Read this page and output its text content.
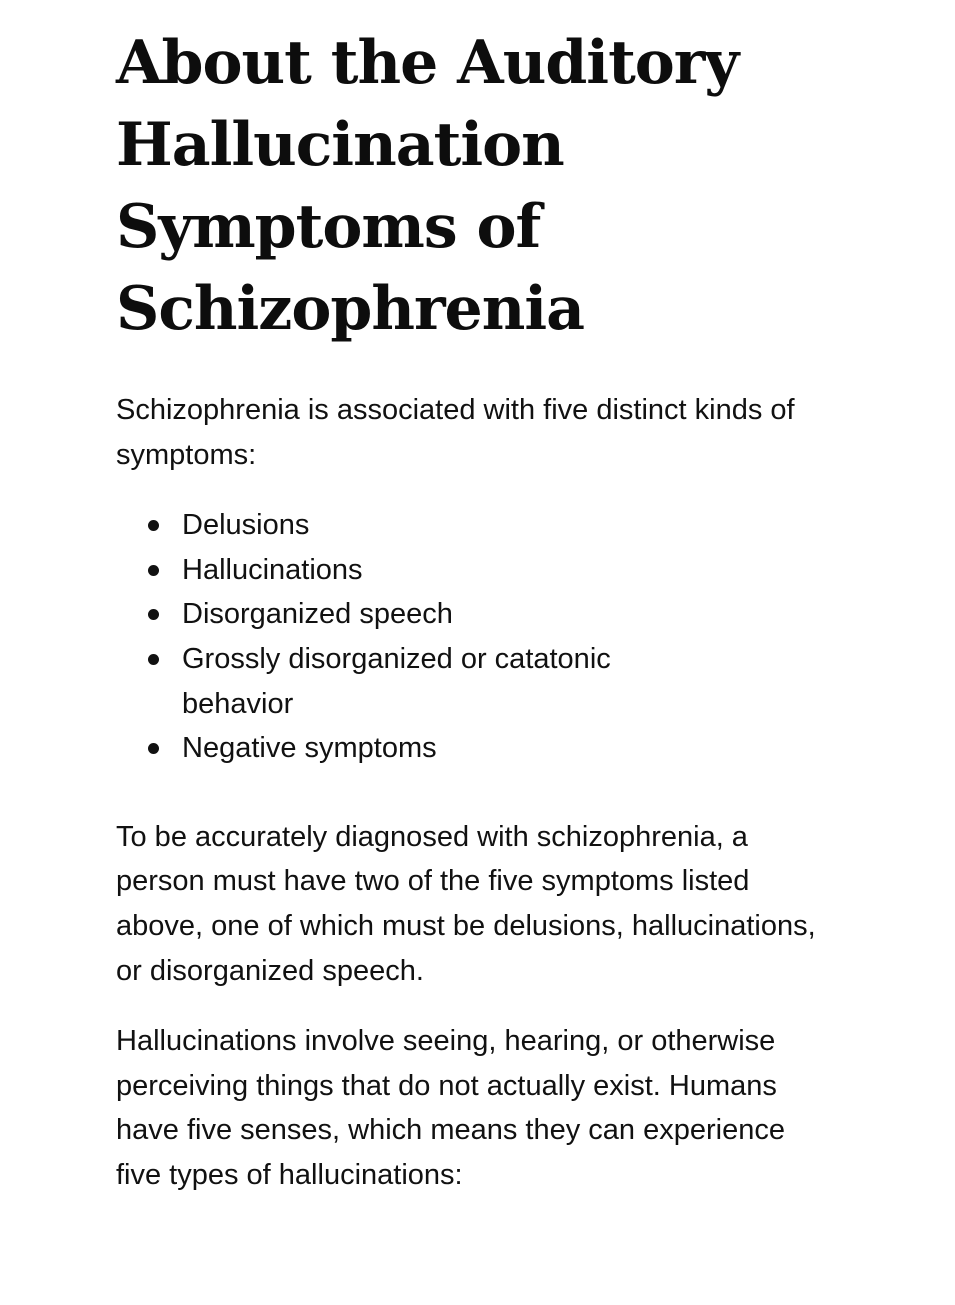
About the Auditory Hallucination Symptoms of Schizophrenia

Schizophrenia is associated with five distinct kinds of symptoms:

Delusions
Hallucinations
Disorganized speech
Grossly disorganized or catatonic behavior
Negative symptoms

To be accurately diagnosed with schizophrenia, a person must have two of the five symptoms listed above, one of which must be delusions, hallucinations, or disorganized speech.

Hallucinations involve seeing, hearing, or otherwise perceiving things that do not actually exist. Humans have five senses, which means they can experience five types of hallucinations:
